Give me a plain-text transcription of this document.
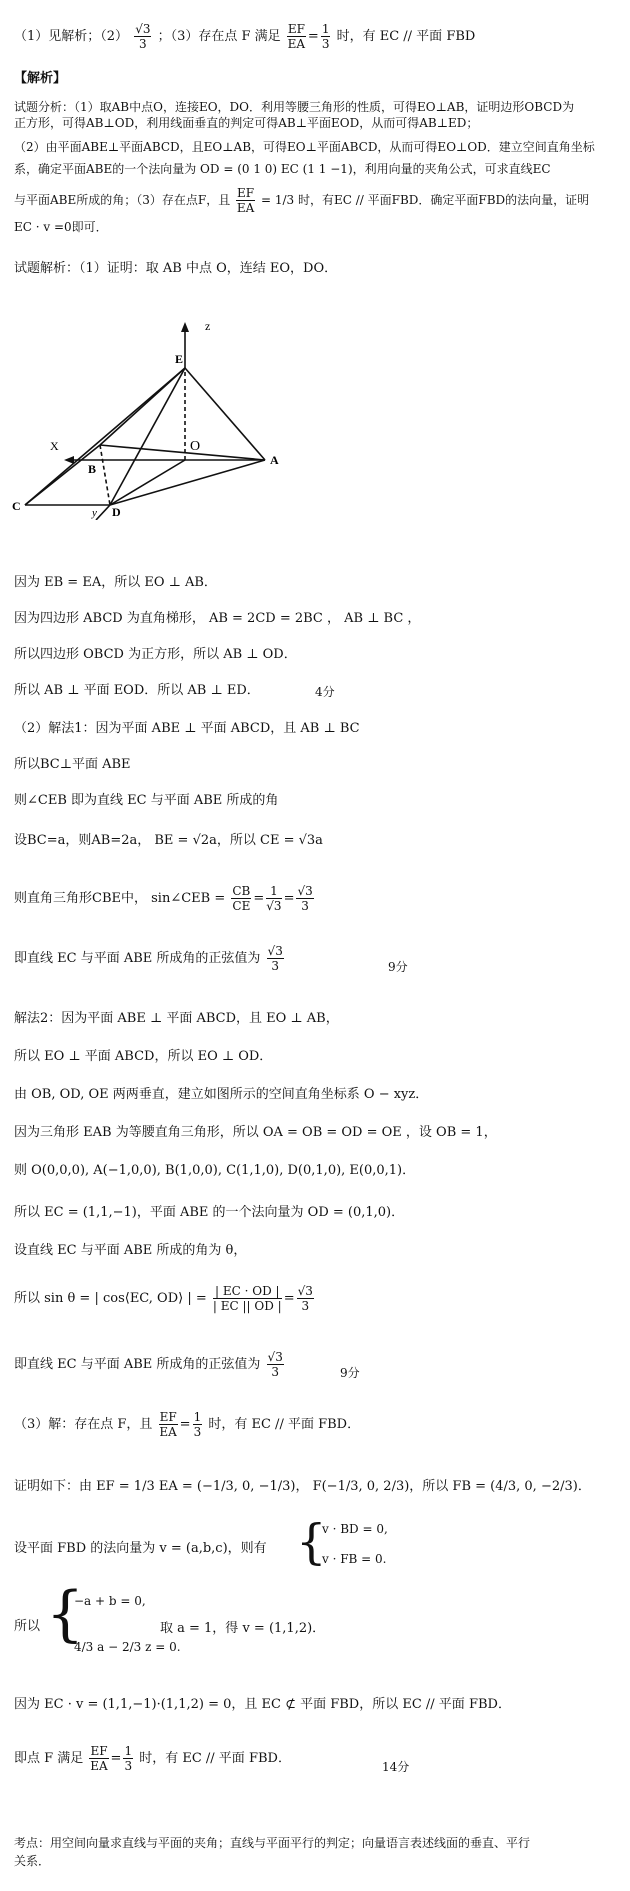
（1）见解析；$(2) \frac{√3}{3}$ ；（3）存在点 F 满足 $\frac{EF}{EA} = \frac{1}{3}$ 时，有 EC // 平面 FBD
【解析】
试题分析：（1）取AB中点O，连接EO，DO．利用等腰三角形的性质，可得EO⊥AB，证明边形OBCD为
正方形，可得AB⊥OD，利用线面垂直的判定可得AB⊥平面EOD，从而可得AB⊥ED；
（2）由平面ABE⊥平面ABCD，且EO⊥AB，可得EO⊥平面ABCD，从而可得EO⊥OD．建立空间直角坐标
系，确定平面ABE的一个法向量为 OD = (0 1 0) EC (1 1 −1)，利用向量的夹角公式，可求直线EC
与平面ABE所成的角；（3）存在点F，且 $\frac{EF}{EA} = 1/3$ 时，有EC // 平面FBD．确定平面FBD的法向量，证明
EC · v =0即可．
试题解析：（1）证明：取 AB 中点 O，连结 EO，DO．
z
E
X	O
B
A
C	D
y
因为 EB = EA，所以 EO ⊥ AB．
因为四边形 ABCD 为直角梯形， AB = 2CD = 2BC ， AB ⊥ BC ，
所以四边形 OBCD 为正方形，所以 AB ⊥ OD．
所以 AB ⊥ 平面 EOD．所以 AB ⊥ ED．	4分
（2）解法1：因为平面 ABE ⊥ 平面 ABCD，且 AB ⊥ BC
所以BC⊥平面 ABE
则∠CEB 即为直线 EC 与平面 ABE 所成的角
设BC=a，则AB=2a， BE = √2a，所以 CE = √3a
则直角三角形CBE中， sin∠CEB = $\frac{CB}{CE} = \frac{1}{√3} = \frac{√3}{3}$
即直线 EC 与平面 ABE 所成角的正弦值为 $\frac{√3}{3}$	9分
解法2：因为平面 ABE ⊥ 平面 ABCD，且 EO ⊥ AB，
所以 EO ⊥ 平面 ABCD，所以 EO ⊥ OD．
由 OB, OD, OE 两两垂直，建立如图所示的空间直角坐标系 O − xyz．
因为三角形 EAB 为等腰直角三角形，所以 OA = OB = OD = OE ，设 OB = 1，
则 O(0,0,0), A(−1,0,0), B(1,0,0), C(1,1,0), D(0,1,0), E(0,0,1)．
所以 EC = (1,1,−1)，平面 ABE 的一个法向量为 OD = (0,1,0)．
设直线 EC 与平面 ABE 所成的角为 θ，
所以 sin θ = | cos⟨EC, OD⟩ | = $\frac{| EC \cdot OD |}{| EC || OD |} = \frac{√3}{3}$
即直线 EC 与平面 ABE 所成角的正弦值为 $\frac{√3}{3}$	9分
（3）解：存在点 F，且 $\frac{EF}{EA} = \frac{1}{3}$ 时，有 EC // 平面 FBD．
证明如下：由 EF = 1/3 EA = (−1/3, 0, −1/3)， F(−1/3, 0, 2/3)，所以 FB = (4/3, 0, −2/3)．
设平面 FBD 的法向量为 v = (a,b,c)，则有 {
v · BD = 0,
v · FB = 0.
所以 {
−a + b = 0,
4/3 a − 2/3 z = 0.
取 a = 1，得 v = (1,1,2)．
因为 EC · v = (1,1,−1)·(1,1,2) = 0，且 EC ⊄ 平面 FBD，所以 EC // 平面 FBD．
即点 F 满足 $\frac{EF}{EA} = \frac{1}{3}$ 时，有 EC // 平面 FBD．
14分
考点：用空间向量求直线与平面的夹角；直线与平面平行的判定；向量语言表述线面的垂直、平行
关系．
